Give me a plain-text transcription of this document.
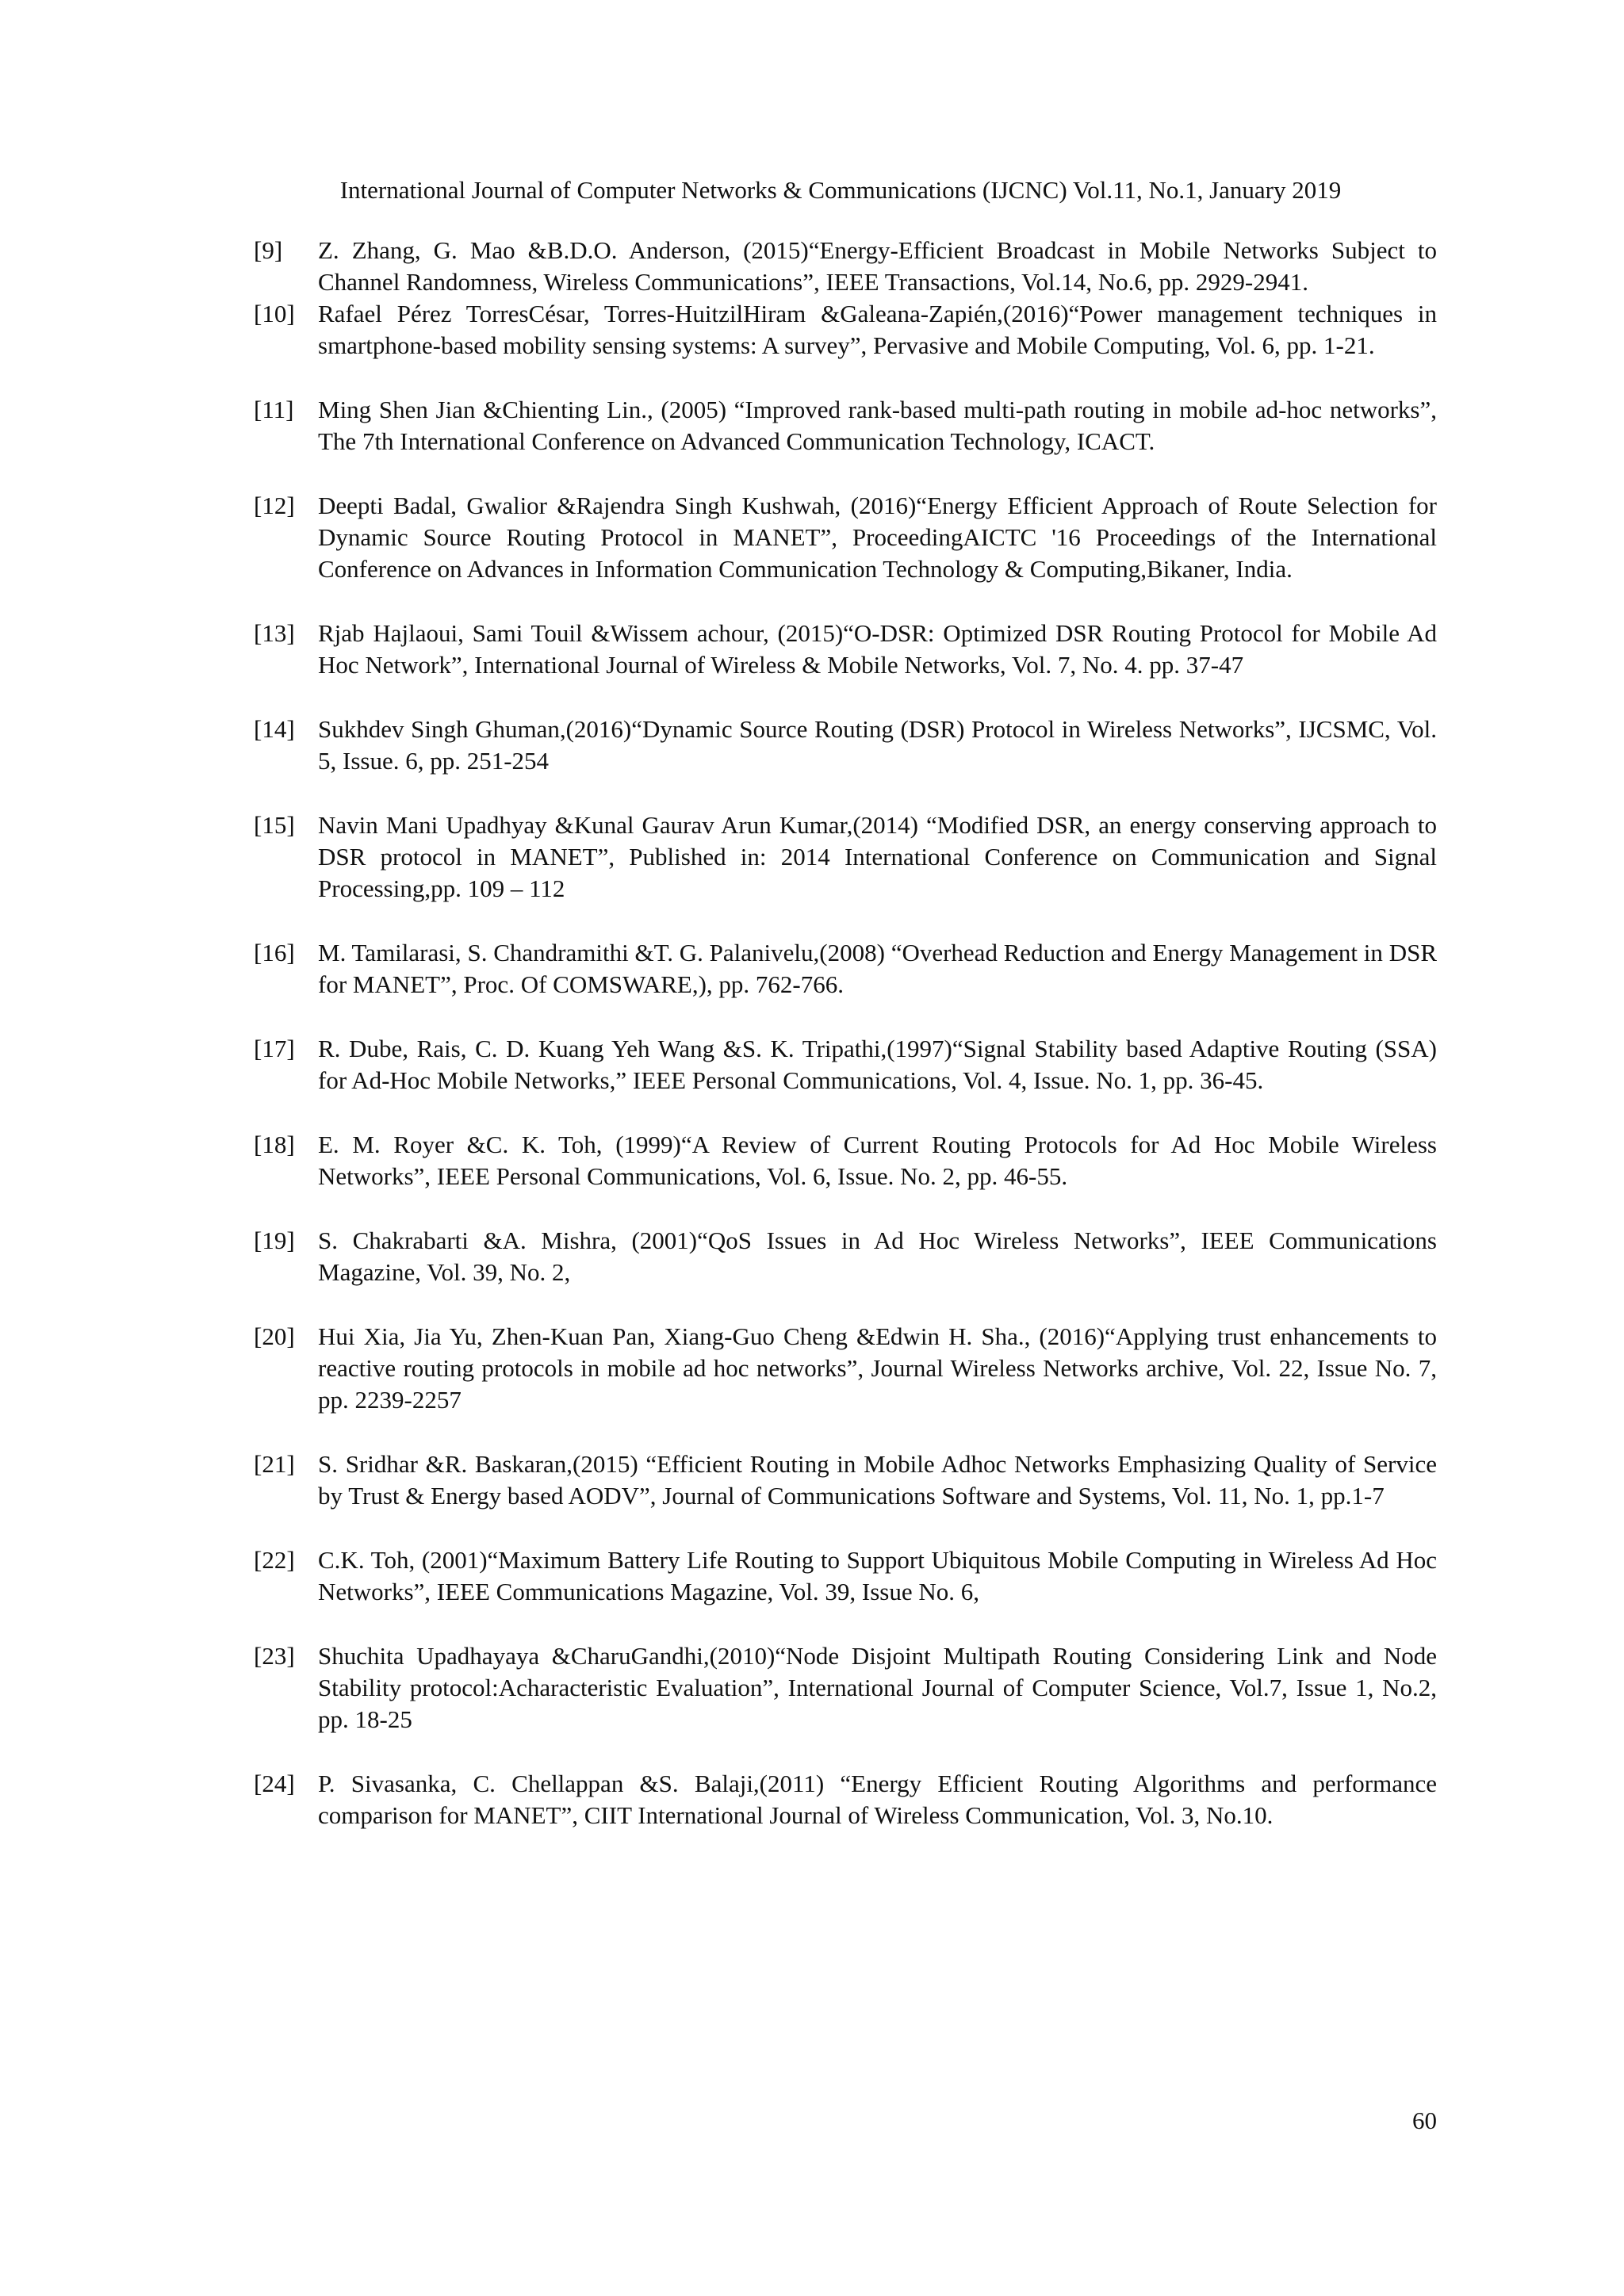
International Journal of Computer Networks & Communications (IJCNC) Vol.11, No.1, January 2019
[9]	Z. Zhang, G. Mao &B.D.O. Anderson, (2015)“Energy-Efficient Broadcast in Mobile Networks Subject to Channel Randomness, Wireless Communications”, IEEE Transactions, Vol.14, No.6, pp. 2929-2941.
[10] Rafael Pérez TorresCésar, Torres-HuitzilHiram &Galeana-Zapién,(2016)“Power management techniques in smartphone-based mobility sensing systems: A survey”, Pervasive and Mobile Computing, Vol. 6, pp. 1-21.
[11] Ming Shen Jian &Chienting Lin., (2005) “Improved rank-based multi-path routing in mobile ad-hoc networks”, The 7th International Conference on Advanced Communication Technology, ICACT.
[12] Deepti Badal, Gwalior &Rajendra Singh Kushwah, (2016)“Energy Efficient Approach of Route Selection for Dynamic Source Routing Protocol in MANET”, ProceedingAICTC '16 Proceedings of the International Conference on Advances in Information Communication Technology & Computing,Bikaner, India.
[13] Rjab Hajlaoui, Sami Touil &Wissem achour, (2015)“O-DSR: Optimized DSR Routing Protocol for Mobile Ad Hoc Network”, International Journal of Wireless & Mobile Networks, Vol. 7, No. 4. pp. 37-47
[14] Sukhdev Singh Ghuman,(2016)“Dynamic Source Routing (DSR) Protocol in Wireless Networks”, IJCSMC, Vol. 5, Issue. 6, pp. 251-254
[15] Navin Mani Upadhyay &Kunal Gaurav Arun Kumar,(2014) “Modified DSR, an energy conserving approach to DSR protocol in MANET”, Published in: 2014 International Conference on Communication and Signal Processing,pp. 109 – 112
[16] M. Tamilarasi, S. Chandramithi &T. G. Palanivelu,(2008) “Overhead Reduction and Energy Management in DSR for MANET”, Proc. Of COMSWARE,), pp. 762-766.
[17] R. Dube, Rais, C. D. Kuang Yeh Wang &S. K. Tripathi,(1997)“Signal Stability based Adaptive Routing (SSA) for Ad-Hoc Mobile Networks,” IEEE Personal Communications, Vol. 4, Issue. No. 1, pp. 36-45.
[18] E. M. Royer &C. K. Toh, (1999)“A Review of Current Routing Protocols for Ad Hoc Mobile Wireless Networks”, IEEE Personal Communications, Vol. 6, Issue. No. 2, pp. 46-55.
[19] S. Chakrabarti &A. Mishra, (2001)“QoS Issues in Ad Hoc Wireless Networks”, IEEE Communications Magazine, Vol. 39, No. 2,
[20] Hui Xia, Jia Yu, Zhen-Kuan Pan, Xiang-Guo Cheng &Edwin H. Sha., (2016)“Applying trust enhancements to reactive routing protocols in mobile ad hoc networks”, Journal Wireless Networks archive, Vol. 22, Issue No. 7, pp. 2239-2257
[21] S. Sridhar &R. Baskaran,(2015) “Efficient Routing in Mobile Adhoc Networks Emphasizing Quality of Service by Trust & Energy based AODV”, Journal of Communications Software and Systems, Vol. 11, No. 1, pp.1-7
[22] C.K. Toh, (2001)“Maximum Battery Life Routing to Support Ubiquitous Mobile Computing in Wireless Ad Hoc Networks”, IEEE Communications Magazine, Vol. 39, Issue No. 6,
[23] Shuchita Upadhayaya &CharuGandhi,(2010)“Node Disjoint Multipath Routing Considering Link and Node Stability protocol:Acharacteristic Evaluation”, International Journal of Computer Science, Vol.7, Issue 1, No.2, pp. 18-25
[24] P. Sivasanka, C. Chellappan &S. Balaji,(2011) “Energy Efficient Routing Algorithms and performance comparison for MANET”, CIIT International Journal of Wireless Communication, Vol. 3, No.10.
60
